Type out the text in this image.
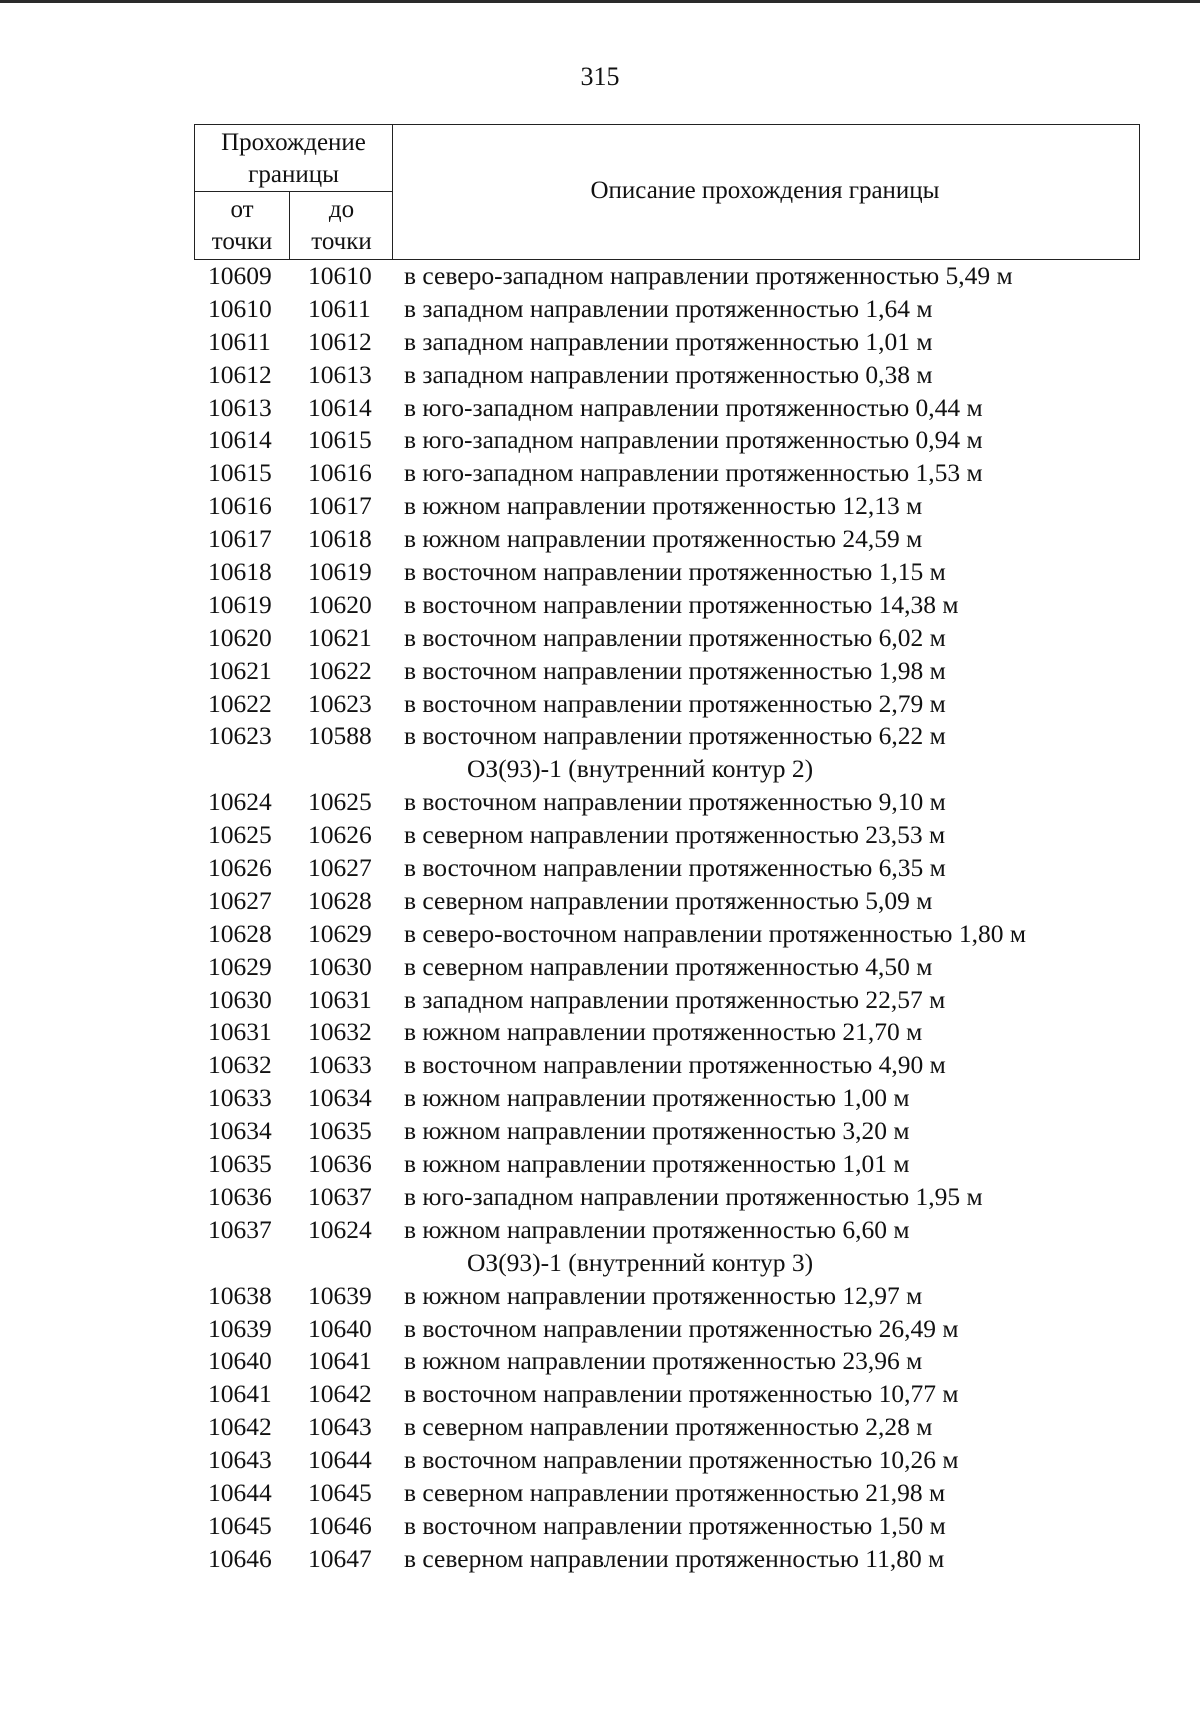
315
Прохождение
границы
от
точки
до
точки
Описание прохождения границы
10609	10610	в северо-западном направлении протяженностью 5,49 м
10610	10611	в западном направлении протяженностью 1,64 м
10611	10612	в западном направлении протяженностью 1,01 м
10612	10613	в западном направлении протяженностью 0,38 м
10613	10614	в юго-западном направлении протяженностью 0,44 м
10614	10615	в юго-западном направлении протяженностью 0,94 м
10615	10616	в юго-западном направлении протяженностью 1,53 м
10616	10617	в южном направлении протяженностью 12,13 м
10617	10618	в южном направлении протяженностью 24,59 м
10618	10619	в восточном направлении протяженностью 1,15 м
10619	10620	в восточном направлении протяженностью 14,38 м
10620	10621	в восточном направлении протяженностью 6,02 м
10621	10622	в восточном направлении протяженностью 1,98 м
10622	10623	в восточном направлении протяженностью 2,79 м
10623	10588	в восточном направлении протяженностью 6,22 м
ОЗ(93)-1 (внутренний контур 2)
10624	10625	в восточном направлении протяженностью 9,10 м
10625	10626	в северном направлении протяженностью 23,53 м
10626	10627	в восточном направлении протяженностью 6,35 м
10627	10628	в северном направлении протяженностью 5,09 м
10628	10629	в северо-восточном направлении протяженностью 1,80 м
10629	10630	в северном направлении протяженностью 4,50 м
10630	10631	в западном направлении протяженностью 22,57 м
10631	10632	в южном направлении протяженностью 21,70 м
10632	10633	в восточном направлении протяженностью 4,90 м
10633	10634	в южном направлении протяженностью 1,00 м
10634	10635	в южном направлении протяженностью 3,20 м
10635	10636	в южном направлении протяженностью 1,01 м
10636	10637	в юго-западном направлении протяженностью 1,95 м
10637	10624	в южном направлении протяженностью 6,60 м
ОЗ(93)-1 (внутренний контур 3)
10638	10639	в южном направлении протяженностью 12,97 м
10639	10640	в восточном направлении протяженностью 26,49 м
10640	10641	в южном направлении протяженностью 23,96 м
10641	10642	в восточном направлении протяженностью 10,77 м
10642	10643	в северном направлении протяженностью 2,28 м
10643	10644	в восточном направлении протяженностью 10,26 м
10644	10645	в северном направлении протяженностью 21,98 м
10645	10646	в восточном направлении протяженностью 1,50 м
10646	10647	в северном направлении протяженностью 11,80 м
